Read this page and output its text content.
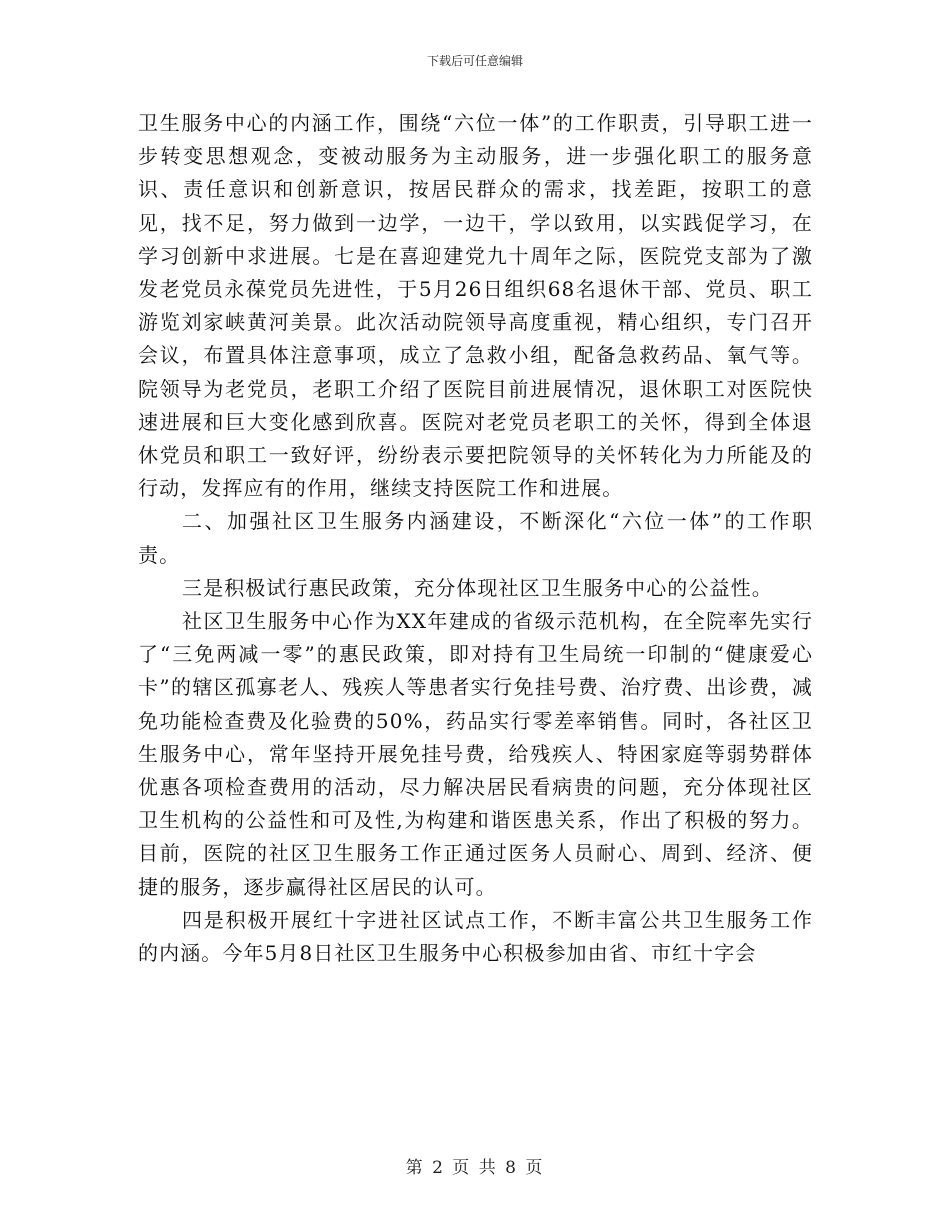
下载后可任意编辑

卫生服务中心的内涵工作，围绕“六位一体”的工作职责，引导职工进一步转变思想观念，变被动服务为主动服务，进一步强化职工的服务意识、责任意识和创新意识，按居民群众的需求，找差距，按职工的意见，找不足，努力做到一边学，一边干，学以致用，以实践促学习，在学习创新中求进展。七是在喜迎建党九十周年之际，医院党支部为了激发老党员永葆党员先进性，于5月26日组织68名退休干部、党员、职工游览刘家峡黄河美景。此次活动院领导高度重视，精心组织，专门召开会议，布置具体注意事项，成立了急救小组，配备急救药品、氧气等。院领导为老党员，老职工介绍了医院目前进展情况，退休职工对医院快速进展和巨大变化感到欣喜。医院对老党员老职工的关怀，得到全体退休党员和职工一致好评，纷纷表示要把院领导的关怀转化为力所能及的行动，发挥应有的作用，继续支持医院工作和进展。

二、加强社区卫生服务内涵建设，不断深化“六位一体”的工作职责。

三是积极试行惠民政策，充分体现社区卫生服务中心的公益性。

社区卫生服务中心作为XX年建成的省级示范机构，在全院率先实行了“三免两减一零”的惠民政策，即对持有卫生局统一印制的“健康爱心卡”的辖区孤寡老人、残疾人等患者实行免挂号费、治疗费、出诊费，减免功能检查费及化验费的50%，药品实行零差率销售。同时，各社区卫生服务中心，常年坚持开展免挂号费，给残疾人、特困家庭等弱势群体优惠各项检查费用的活动，尽力解决居民看病贵的问题，充分体现社区卫生机构的公益性和可及性,为构建和谐医患关系，作出了积极的努力。目前，医院的社区卫生服务工作正通过医务人员耐心、周到、经济、便捷的服务，逐步赢得社区居民的认可。

四是积极开展红十字进社区试点工作，不断丰富公共卫生服务工作的内涵。今年5月8日社区卫生服务中心积极参加由省、市红十字会

第 2 页 共 8 页
